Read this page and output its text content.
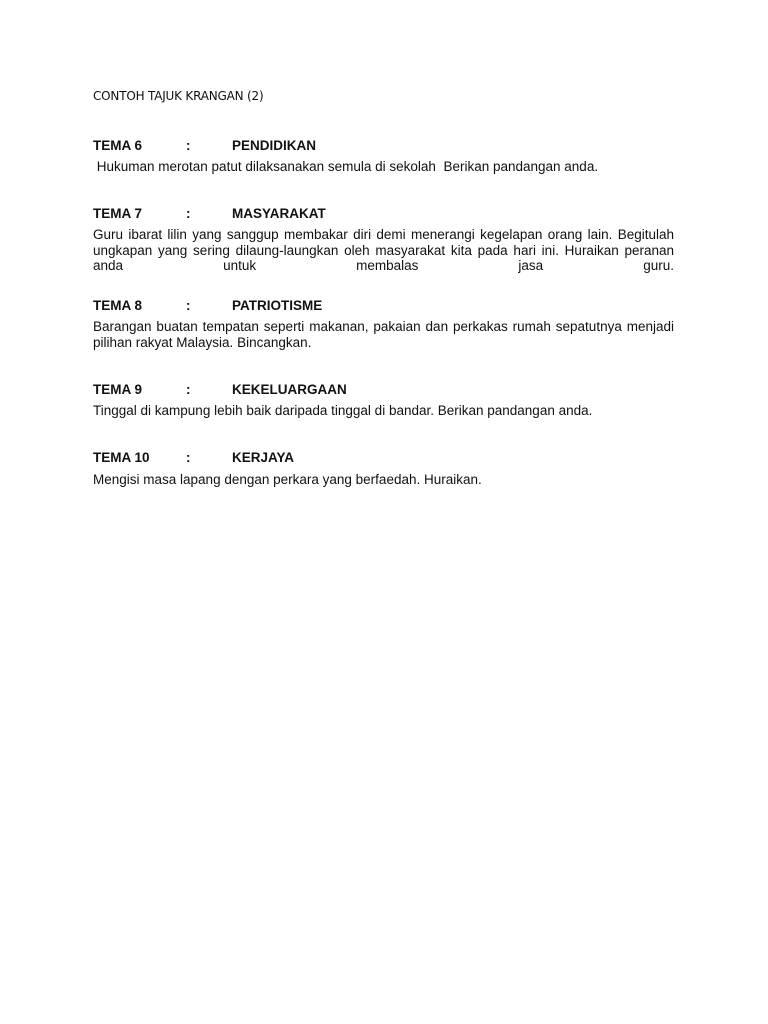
CONTOH TAJUK KRANGAN (2)
TEMA 6	:	PENDIDIKAN
Hukuman merotan patut dilaksanakan semula di sekolah  Berikan pandangan anda.
TEMA 7	:	MASYARAKAT
Guru ibarat lilin yang sanggup membakar diri demi menerangi kegelapan orang lain. Begitulah ungkapan yang sering dilaung-laungkan oleh masyarakat kita pada hari ini. Huraikan peranan anda untuk membalas jasa guru.
TEMA 8	:	PATRIOTISME
Barangan buatan tempatan seperti makanan, pakaian dan perkakas rumah sepatutnya menjadi pilihan rakyat Malaysia. Bincangkan.
TEMA 9	:	KEKELUARGAAN
Tinggal di kampung lebih baik daripada tinggal di bandar. Berikan pandangan anda.
TEMA 10	:	KERJAYA
Mengisi masa lapang dengan perkara yang berfaedah. Huraikan.
